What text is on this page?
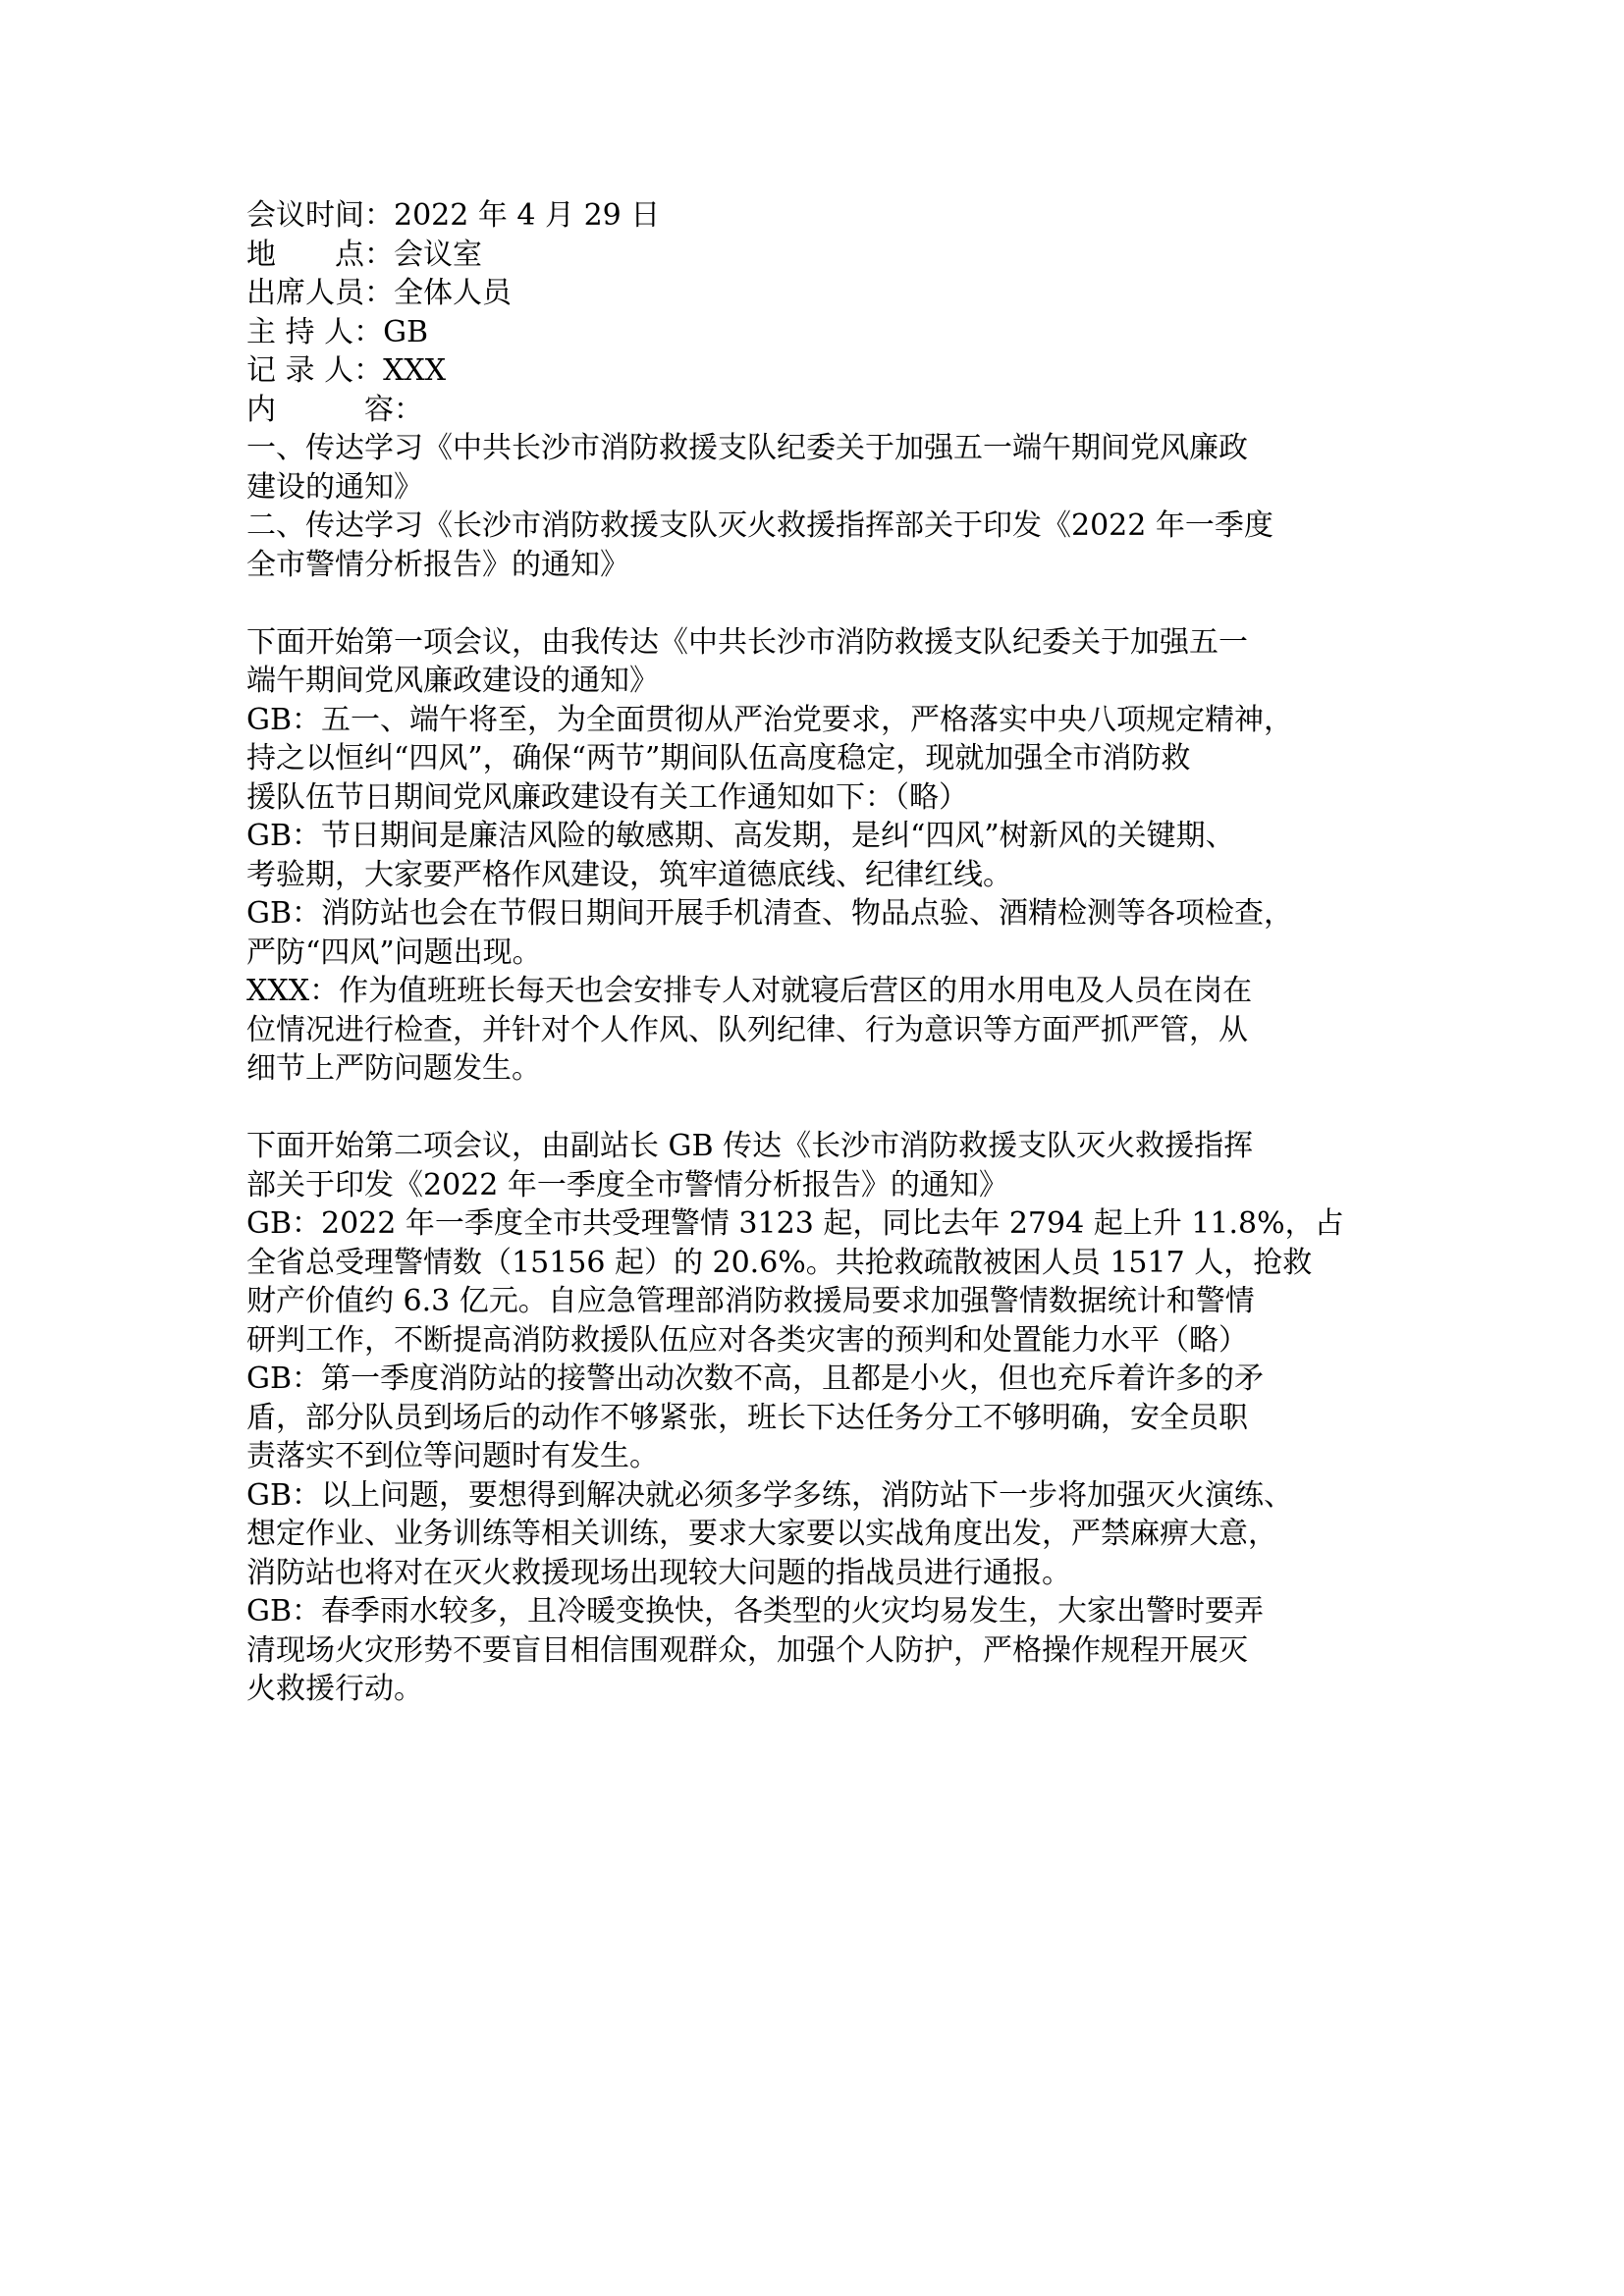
会议时间：2022 年 4 月 29 日
地　　点：会议室
出席人员：全体人员
主 持 人：GB
记 录 人：XXX
内　　　容：
一、传达学习《中共长沙市消防救援支队纪委关于加强五一端午期间党风廉政
建设的通知》
二、传达学习《长沙市消防救援支队灭火救援指挥部关于印发《2022 年一季度
全市警情分析报告》的通知》
下面开始第一项会议，由我传达《中共长沙市消防救援支队纪委关于加强五一
端午期间党风廉政建设的通知》
GB：五一、端午将至，为全面贯彻从严治党要求，严格落实中央八项规定精神，
持之以恒纠“四风”，确保“两节”期间队伍高度稳定，现就加强全市消防救
援队伍节日期间党风廉政建设有关工作通知如下：（略）
GB：节日期间是廉洁风险的敏感期、高发期，是纠“四风”树新风的关键期、
考验期，大家要严格作风建设，筑牢道德底线、纪律红线。
GB：消防站也会在节假日期间开展手机清查、物品点验、酒精检测等各项检查，
严防“四风”问题出现。
XXX：作为值班班长每天也会安排专人对就寝后营区的用水用电及人员在岗在
位情况进行检查，并针对个人作风、队列纪律、行为意识等方面严抓严管，从
细节上严防问题发生。
下面开始第二项会议，由副站长 GB 传达《长沙市消防救援支队灭火救援指挥
部关于印发《2022 年一季度全市警情分析报告》的通知》
GB：2022 年一季度全市共受理警情 3123 起，同比去年 2794 起上升 11.8%，占
全省总受理警情数（15156 起）的 20.6%。共抢救疏散被困人员 1517 人，抢救
财产价值约 6.3 亿元。自应急管理部消防救援局要求加强警情数据统计和警情
研判工作，不断提高消防救援队伍应对各类灾害的预判和处置能力水平（略）
GB：第一季度消防站的接警出动次数不高，且都是小火，但也充斥着许多的矛
盾，部分队员到场后的动作不够紧张，班长下达任务分工不够明确，安全员职
责落实不到位等问题时有发生。
GB：以上问题，要想得到解决就必须多学多练，消防站下一步将加强灭火演练、
想定作业、业务训练等相关训练，要求大家要以实战角度出发，严禁麻痹大意，
消防站也将对在灭火救援现场出现较大问题的指战员进行通报。
GB：春季雨水较多，且冷暖变换快，各类型的火灾均易发生，大家出警时要弄
清现场火灾形势不要盲目相信围观群众，加强个人防护，严格操作规程开展灭
火救援行动。
